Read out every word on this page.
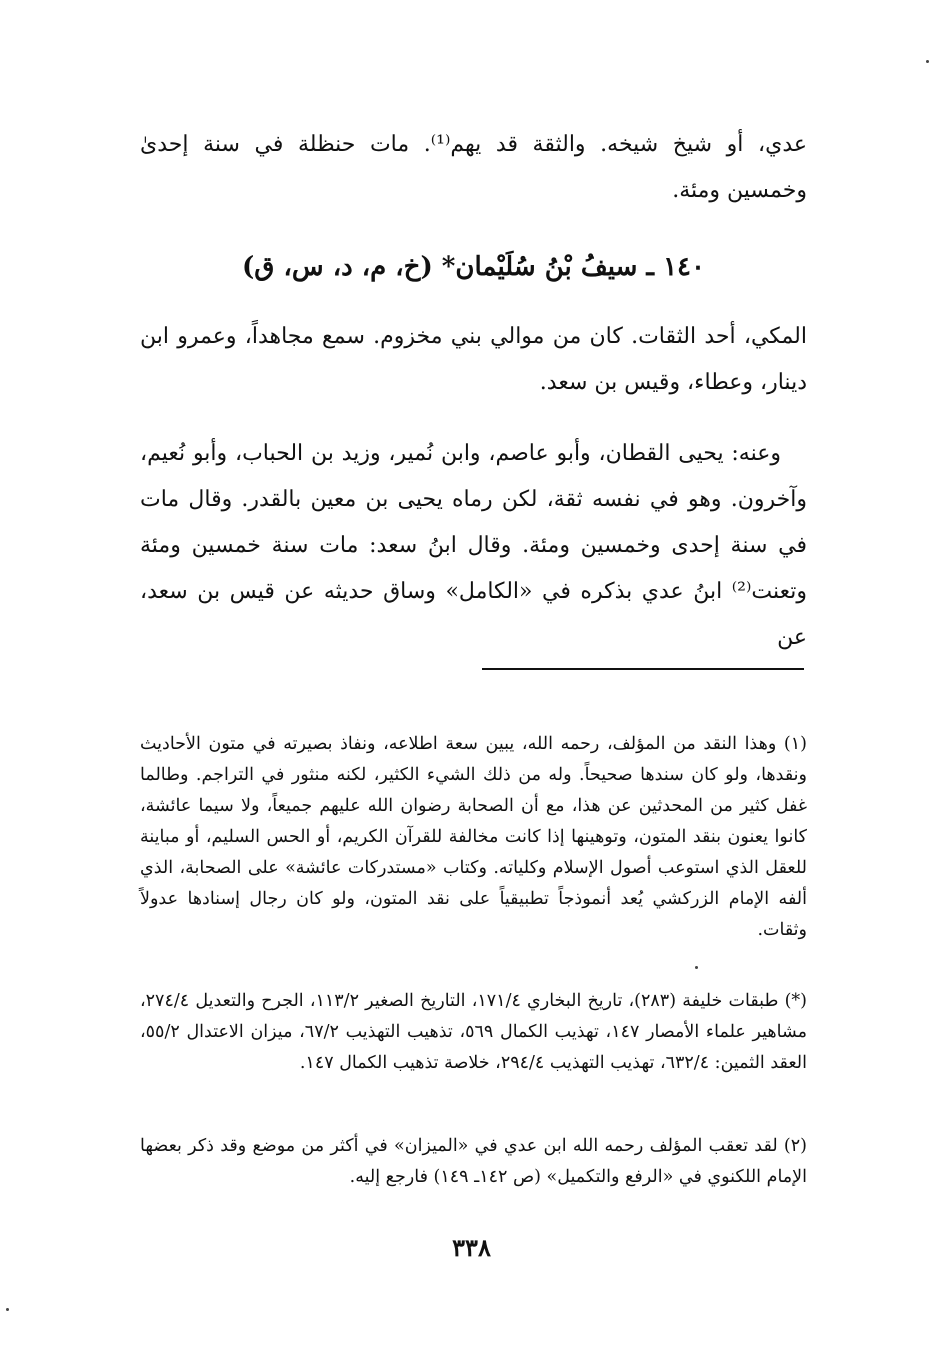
عدي، أو شيخ شيخه. والثقة قد يهم⁽¹⁾. مات حنظلة في سنة إحدىٰ وخمسين ومئة.
١٤٠ ـ سيفُ بْنُ سُلَيْمان* (خ، م، د، س، ق)
المكي، أحد الثقات. كان من موالي بني مخزوم. سمع مجاهداً، وعمرو ابن دينار، وعطاء، وقيس بن سعد.
وعنه: يحيى القطان، وأبو عاصم، وابن نُمير، وزيد بن الحباب، وأبو نُعيم، وآخرون. وهو في نفسه ثقة، لكن رماه يحيى بن معين بالقدر. وقال مات في سنة إحدى وخمسين ومئة. وقال ابنُ سعد: مات سنة خمسين ومئة وتعنت⁽²⁾ ابنُ عدي بذكره في «الكامل» وساق حديثه عن قيس بن سعد، عن
(١) وهذا النقد من المؤلف، رحمه الله، يبين سعة اطلاعه، ونفاذ بصيرته في متون الأحاديث ونقدها، ولو كان سندها صحيحاً. وله من ذلك الشيء الكثير، لكنه منثور في التراجم. وطالما غفل كثير من المحدثين عن هذا، مع أن الصحابة رضوان الله عليهم جميعاً، ولا سيما عائشة، كانوا يعنون بنقد المتون، وتوهينها إذا كانت مخالفة للقرآن الكريم، أو الحس السليم، أو مباينة للعقل الذي استوعب أصول الإسلام وكلياته. وكتاب «مستدركات عائشة» على الصحابة، الذي ألفه الإمام الزركشي يُعد أنموذجاً تطبيقياً على نقد المتون، ولو كان رجال إسنادها عدولاً وثقات.
(*) طبقات خليفة (٢٨٣)، تاريخ البخاري ١٧١/٤، التاريخ الصغير ١١٣/٢، الجرح والتعديل ٢٧٤/٤، مشاهير علماء الأمصار ١٤٧، تهذيب الكمال ٥٦٩، تذهيب التهذيب ٦٧/٢، ميزان الاعتدال ٥٥/٢، العقد الثمين: ٦٣٢/٤، تهذيب التهذيب ٢٩٤/٤، خلاصة تذهيب الكمال ١٤٧.
(٢) لقد تعقب المؤلف رحمه الله ابن عدي في «الميزان» في أكثر من موضع وقد ذكر بعضها الإمام اللكنوي في «الرفع والتكميل» (ص ١٤٢ـ ١٤٩) فارجع إليه.
٣٣٨
